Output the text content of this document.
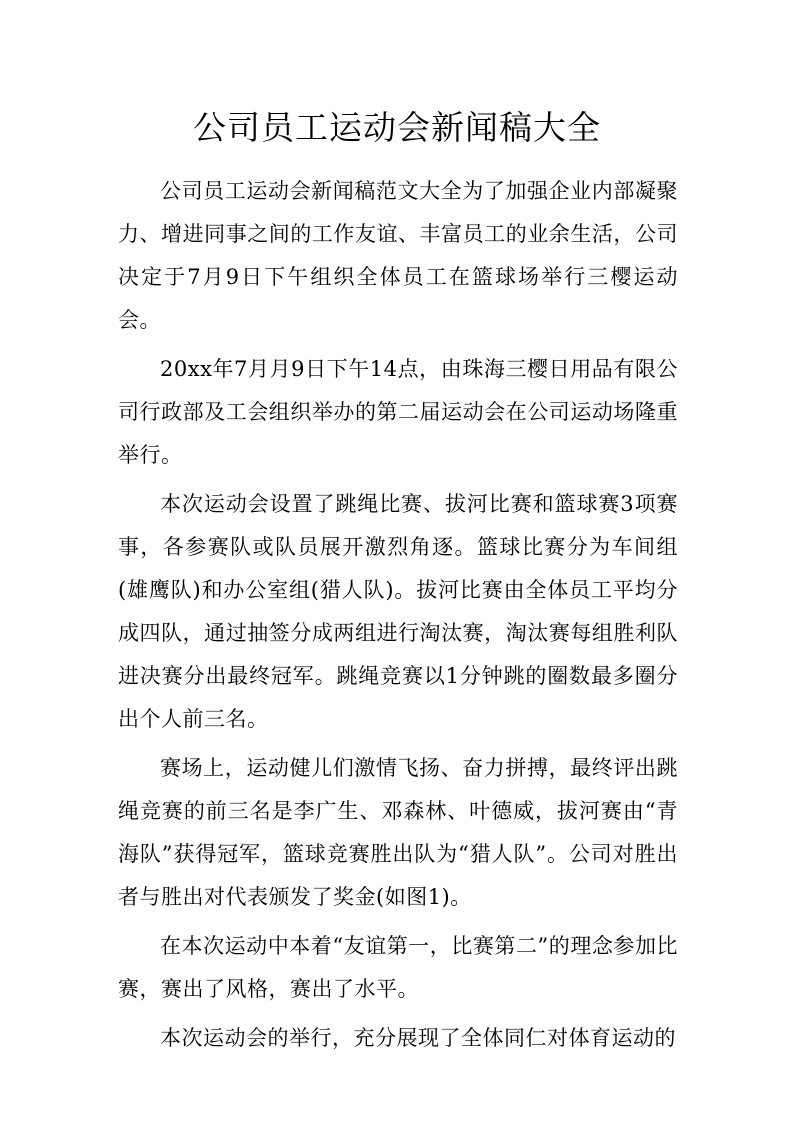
公司员工运动会新闻稿大全

公司员工运动会新闻稿范文大全为了加强企业内部凝聚力、增进同事之间的工作友谊、丰富员工的业余生活，公司决定于7月9日下午组织全体员工在篮球场举行三樱运动会。

20xx年7月月9日下午14点，由珠海三樱日用品有限公司行政部及工会组织举办的第二届运动会在公司运动场隆重举行。

本次运动会设置了跳绳比赛、拔河比赛和篮球赛3项赛事，各参赛队或队员展开激烈角逐。篮球比赛分为车间组(雄鹰队)和办公室组(猎人队)。拔河比赛由全体员工平均分成四队，通过抽签分成两组进行淘汰赛，淘汰赛每组胜利队进决赛分出最终冠军。跳绳竞赛以1分钟跳的圈数最多圈分出个人前三名。

赛场上，运动健儿们激情飞扬、奋力拼搏，最终评出跳绳竞赛的前三名是李广生、邓森林、叶德威，拔河赛由“青海队”获得冠军，篮球竞赛胜出队为“猎人队”。公司对胜出者与胜出对代表颁发了奖金(如图1)。

在本次运动中本着“友谊第一，比赛第二”的理念参加比赛，赛出了风格，赛出了水平。

本次运动会的举行，充分展现了全体同仁对体育运动的
